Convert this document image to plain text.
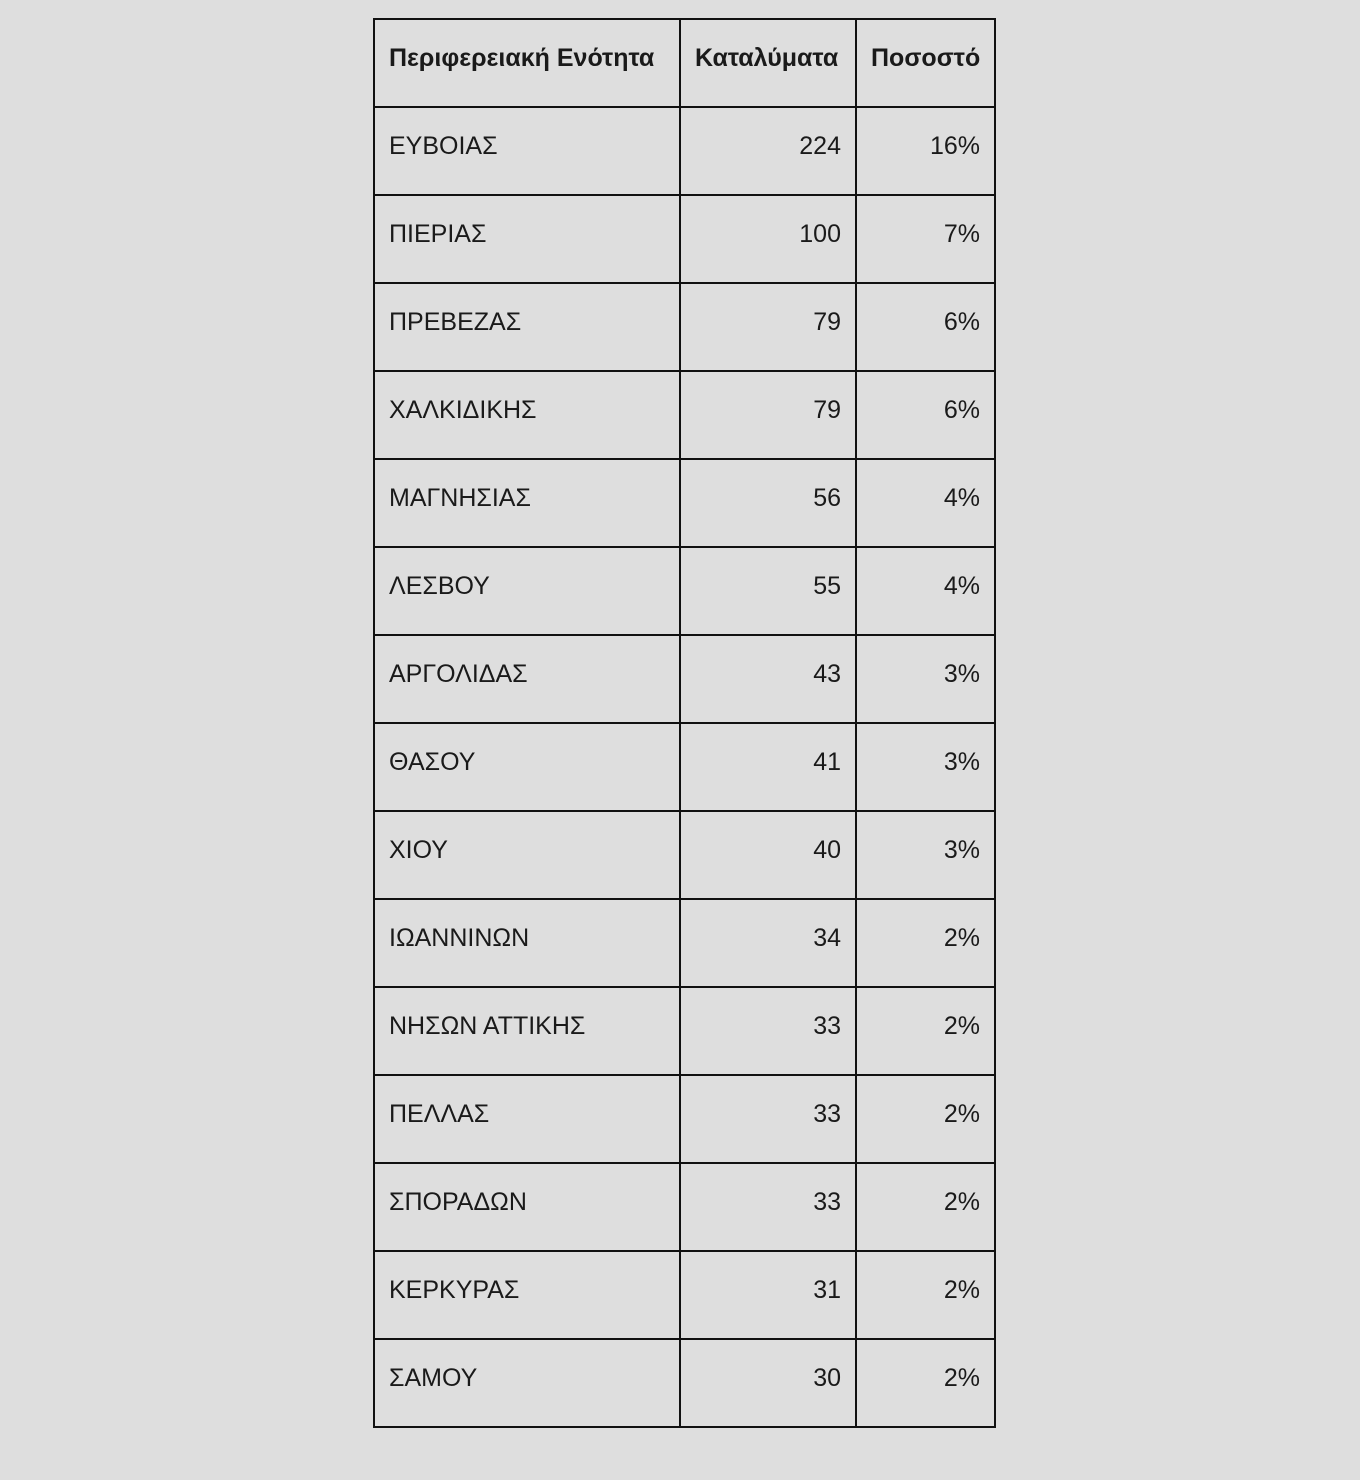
Περιφερειακή Ενότητα	Καταλύματα	Ποσοστό
ΕΥΒΟΙΑΣ	224	16%
ΠΙΕΡΙΑΣ	100	7%
ΠΡΕΒΕΖΑΣ	79	6%
ΧΑΛΚΙΔΙΚΗΣ	79	6%
ΜΑΓΝΗΣΙΑΣ	56	4%
ΛΕΣΒΟΥ	55	4%
ΑΡΓΟΛΙΔΑΣ	43	3%
ΘΑΣΟΥ	41	3%
ΧΙΟΥ	40	3%
ΙΩΑΝΝΙΝΩΝ	34	2%
ΝΗΣΩΝ ΑΤΤΙΚΗΣ	33	2%
ΠΕΛΛΑΣ	33	2%
ΣΠΟΡΑΔΩΝ	33	2%
ΚΕΡΚΥΡΑΣ	31	2%
ΣΑΜΟΥ	30	2%
